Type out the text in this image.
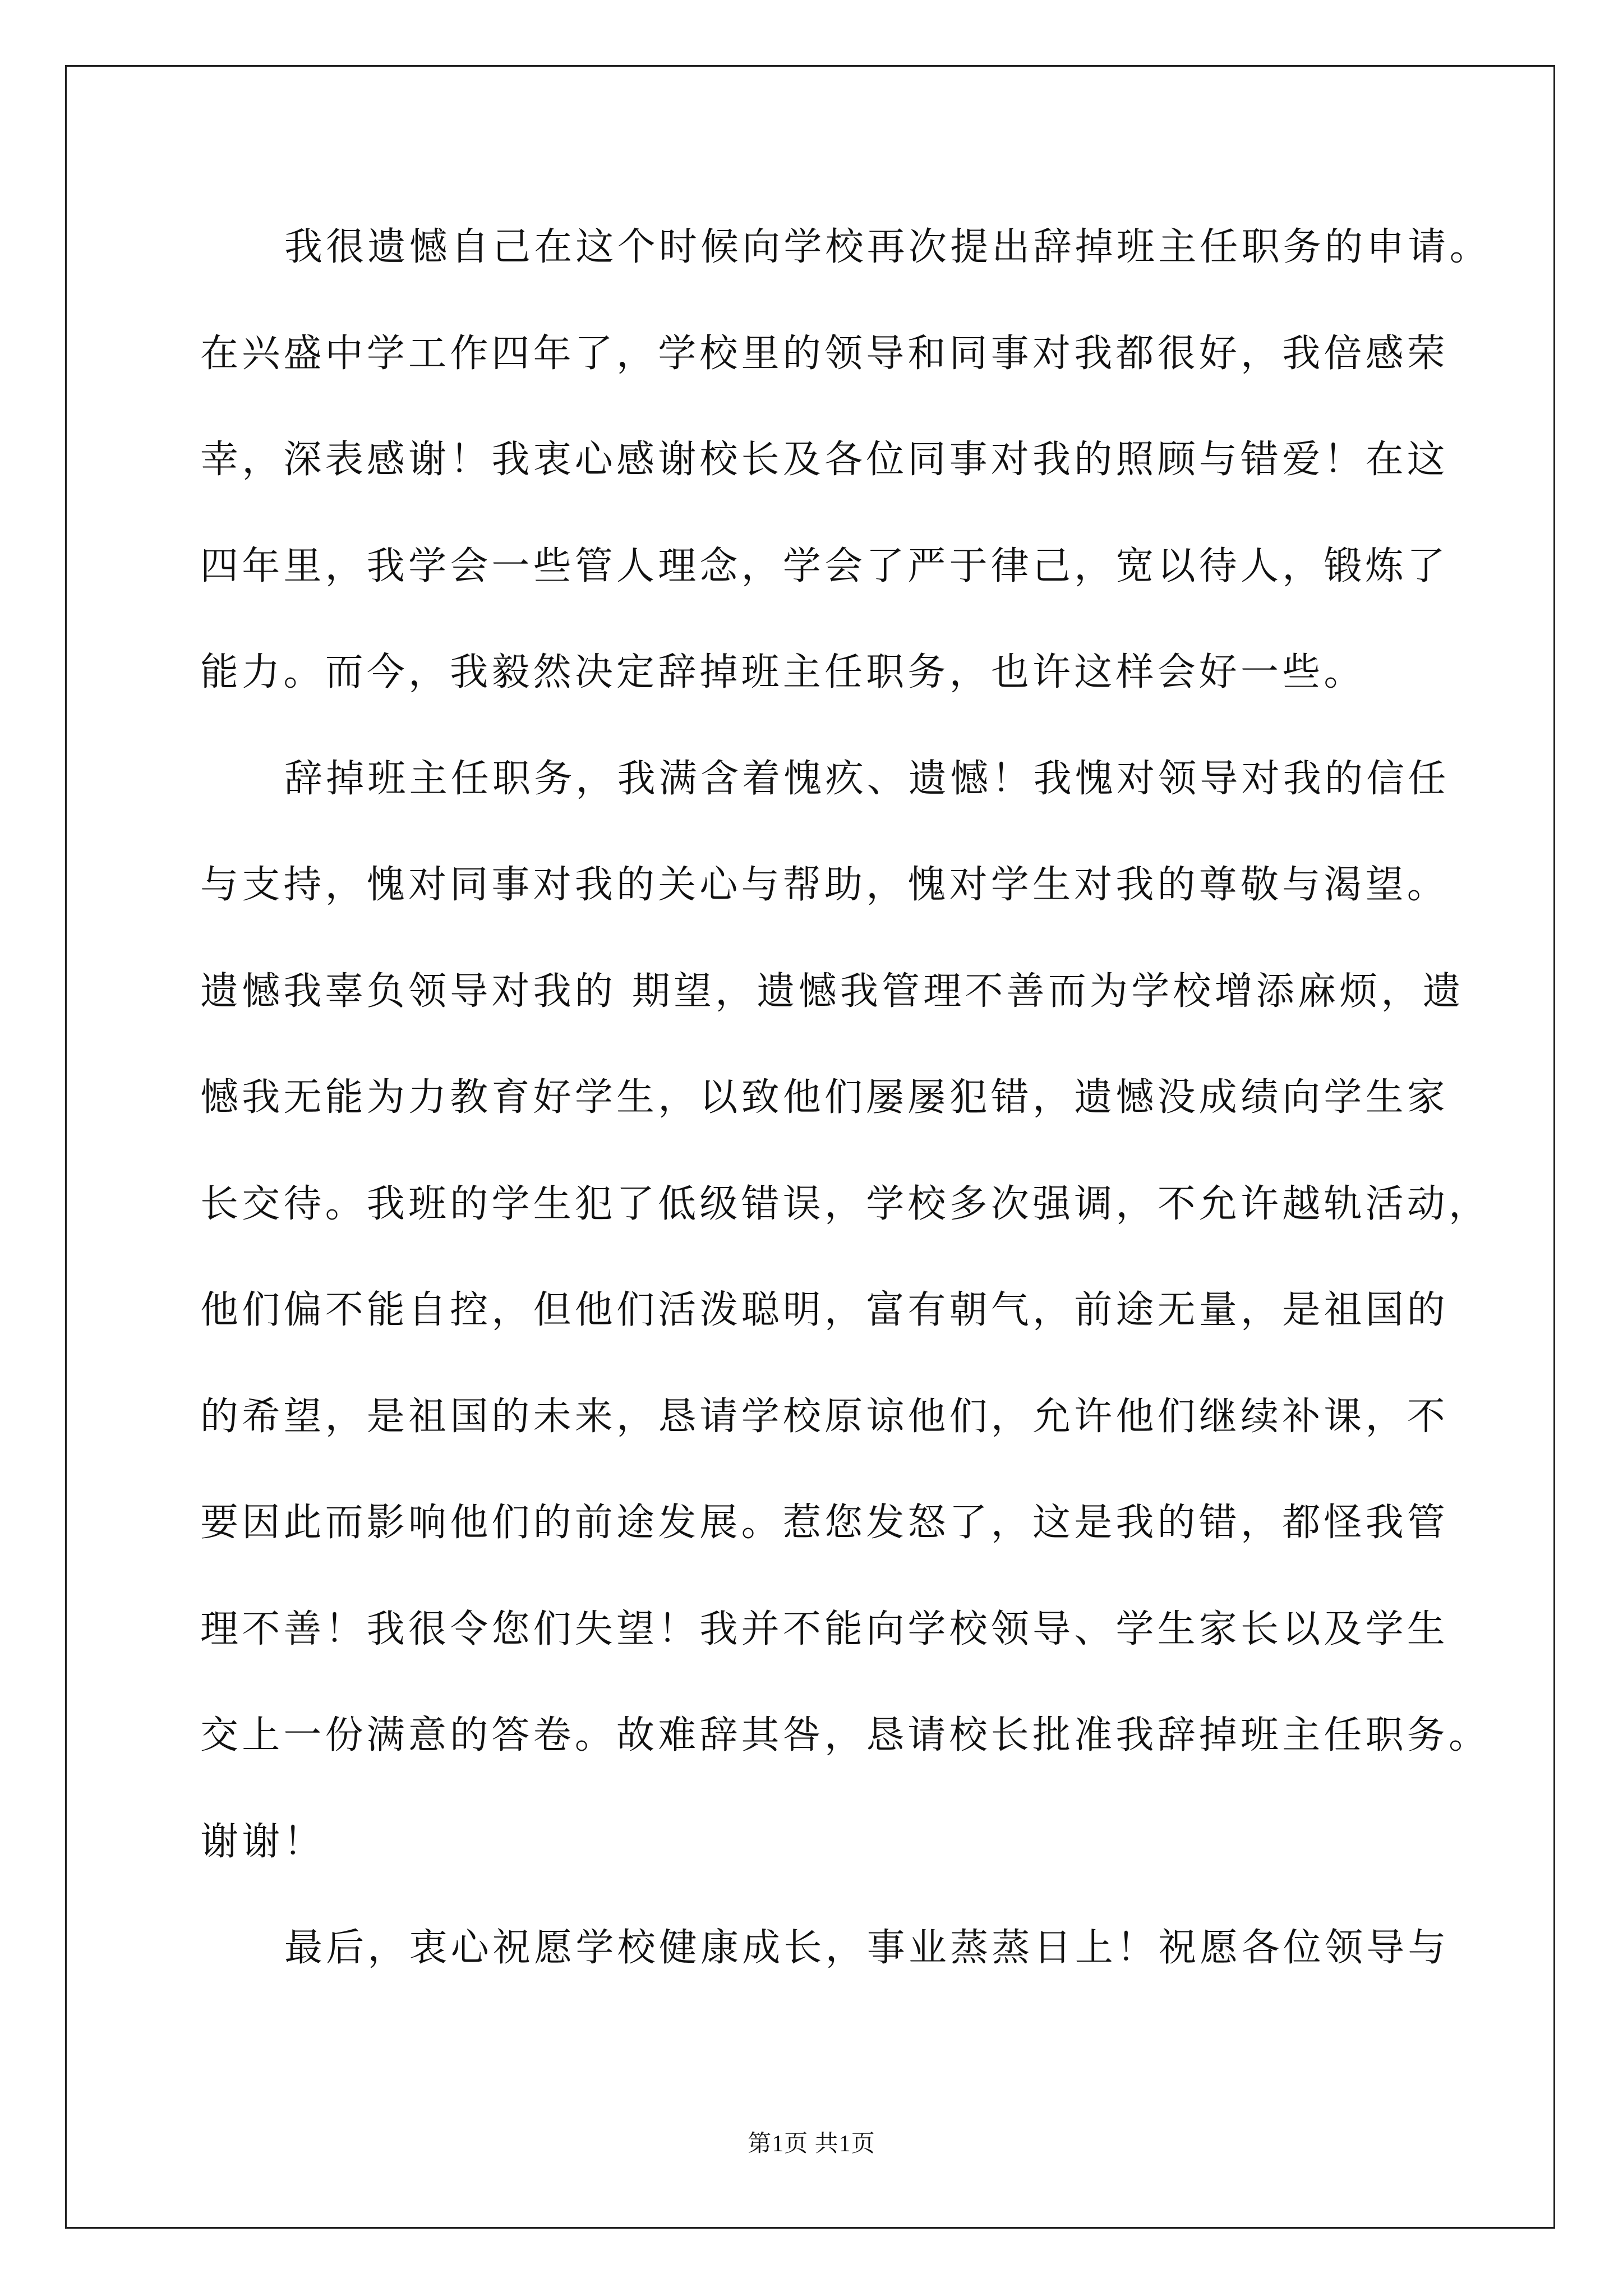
我很遗憾自己在这个时候向学校再次提出辞掉班主任职务的申请。
在兴盛中学工作四年了，学校里的领导和同事对我都很好，我倍感荣
幸，深表感谢！我衷心感谢校长及各位同事对我的照顾与错爱！在这
四年里，我学会一些管人理念，学会了严于律己，宽以待人，锻炼了
能力。而今，我毅然决定辞掉班主任职务，也许这样会好一些。
辞掉班主任职务，我满含着愧疚、遗憾！我愧对领导对我的信任
与支持，愧对同事对我的关心与帮助，愧对学生对我的尊敬与渴望。
遗憾我辜负领导对我的 期望，遗憾我管理不善而为学校增添麻烦，遗
憾我无能为力教育好学生，以致他们屡屡犯错，遗憾没成绩向学生家
长交待。我班的学生犯了低级错误，学校多次强调，不允许越轨活动，
他们偏不能自控，但他们活泼聪明，富有朝气，前途无量，是祖国的
的希望，是祖国的未来，恳请学校原谅他们，允许他们继续补课，不
要因此而影响他们的前途发展。惹您发怒了，这是我的错，都怪我管
理不善！我很令您们失望！我并不能向学校领导、学生家长以及学生
交上一份满意的答卷。故难辞其咎，恳请校长批准我辞掉班主任职务。
谢谢！
最后，衷心祝愿学校健康成长，事业蒸蒸日上！祝愿各位领导与
第1页 共1页
